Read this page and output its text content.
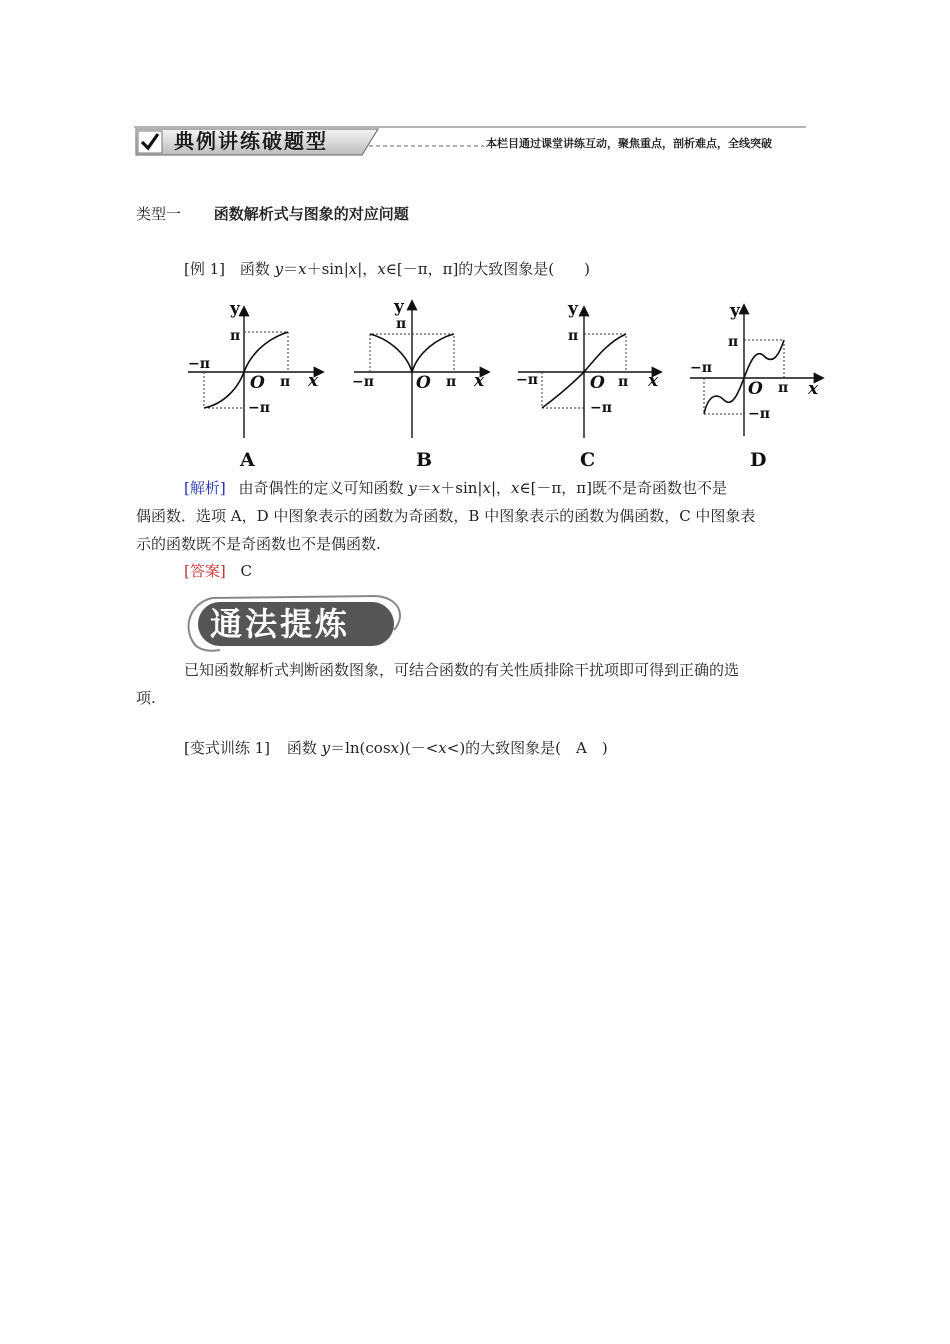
典例讲练破题型	本栏目通过课堂讲练互动，聚焦重点，剖析难点，全线突破
类型一 函数解析式与图象的对应问题
[例 1] 函数 y＝x＋sin|x|，x∈[－π，π]的大致图象是(　　)
y
π
−π
O π x
−π
A
y
π
−π O π x
B
y
π
−π	O π x
−π
C
y
π
−π
O π x
−π
D
[解析] 由奇偶性的定义可知函数 y＝x＋sin|x|，x∈[－π，π]既不是奇函数也不是
偶函数．选项 A，D 中图象表示的函数为奇函数，B 中图象表示的函数为偶函数，C 中图象表
示的函数既不是奇函数也不是偶函数.
[答案] C
通法提炼
已知函数解析式判断函数图象，可结合函数的有关性质排除干扰项即可得到正确的选
项.
[变式训练 1] 函数 y＝ln(cosx)(－<x<)的大致图象是(　A　)
